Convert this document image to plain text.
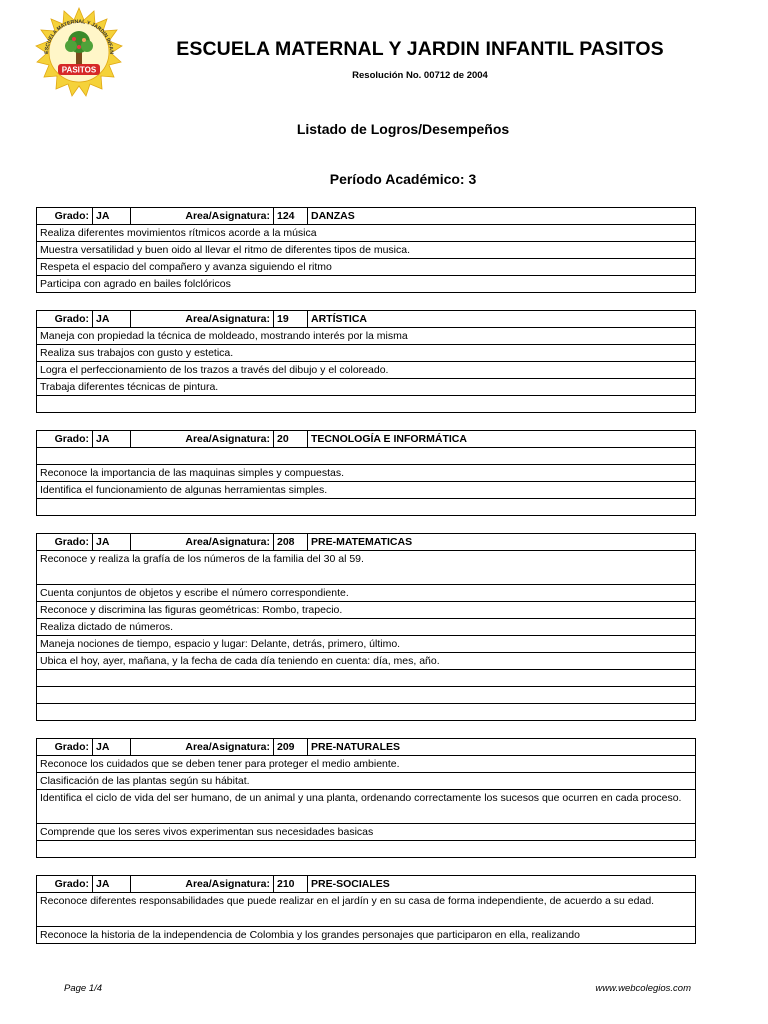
ESCUELA MATERNAL Y JARDIN INFAN
PASITOS
ESCUELA MATERNAL Y JARDIN INFANTIL PASITOS
Resolución No. 00712 de 2004
Listado de Logros/Desempeños
Período Académico: 3
Grado:	JA	Area/Asignatura:	124	DANZAS
Realiza diferentes movimientos rítmicos acorde a la música
Muestra versatilidad y buen oido al llevar el ritmo de diferentes tipos de musica.
Respeta el espacio del compañero y avanza siguiendo el ritmo
Participa con agrado en bailes folclóricos
Grado:	JA	Area/Asignatura:	19	ARTÍSTICA
Maneja con propiedad la técnica de moldeado, mostrando interés por la misma
Realiza sus trabajos con gusto y estetica.
Logra el perfeccionamiento de los trazos a través del dibujo y el coloreado.
Trabaja diferentes técnicas de pintura.

Grado:	JA	Area/Asignatura:	20	TECNOLOGÍA E INFORMÁTICA

Reconoce la importancia de las maquinas simples y compuestas.
Identifica el funcionamiento de algunas herramientas simples.

Grado:	JA	Area/Asignatura:	208	PRE-MATEMATICAS
Reconoce y realiza la grafía de los números de la familia del 30 al 59.
Cuenta conjuntos de objetos y escribe el número correspondiente.
Reconoce y discrimina las figuras geométricas: Rombo, trapecio.
Realiza dictado de números.
Maneja nociones de tiempo, espacio y lugar: Delante, detrás, primero, último.
Ubica el hoy, ayer, mañana, y la fecha de cada día teniendo en cuenta: día, mes, año.

Grado:	JA	Area/Asignatura:	209	PRE-NATURALES
Reconoce los cuidados que se deben tener para proteger el medio ambiente.
Clasificación de las plantas según su hábitat.
Identifica el ciclo de vida del ser humano, de un animal y una planta, ordenando correctamente los sucesos que ocurren en cada proceso.
Comprende que los seres vivos experimentan sus necesidades basicas

Grado:	JA	Area/Asignatura:	210	PRE-SOCIALES
Reconoce diferentes responsabilidades que puede realizar en el jardín y en su casa de forma independiente, de acuerdo a su edad.
Reconoce la historia de la independencia de Colombia y los grandes personajes que participaron en ella, realizando
Page 1/4	www.webcolegios.com
